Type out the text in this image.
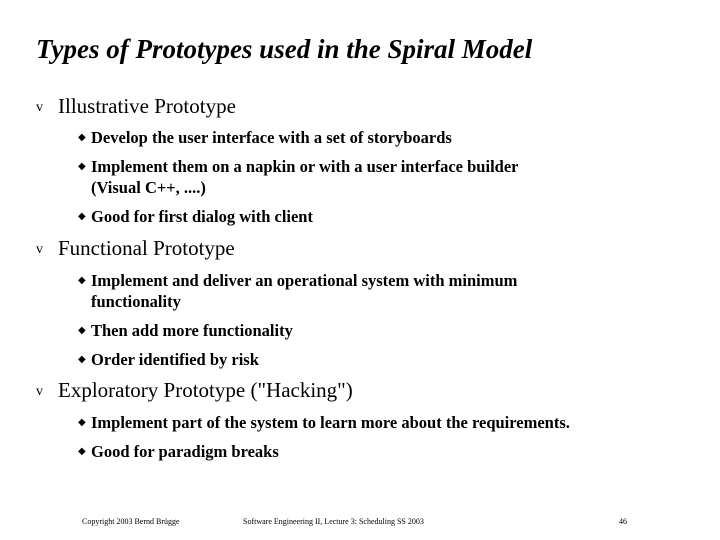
Types of Prototypes used in the Spiral Model
v Illustrative Prototype
◆ Develop the user interface with a set of storyboards
◆ Implement them on a napkin or with a user interface builder
(Visual C++, ....)
◆ Good for first dialog with client
v Functional Prototype
◆ Implement and deliver an operational system with minimum
functionality
◆ Then add more functionality
◆ Order identified by risk
v Exploratory Prototype ("Hacking")
◆ Implement part of the system to learn more about the requirements.
◆ Good for paradigm breaks
Copyright 2003 Bernd Brügge	Software Engineering II, Lecture 3: Scheduling SS 2003	46
